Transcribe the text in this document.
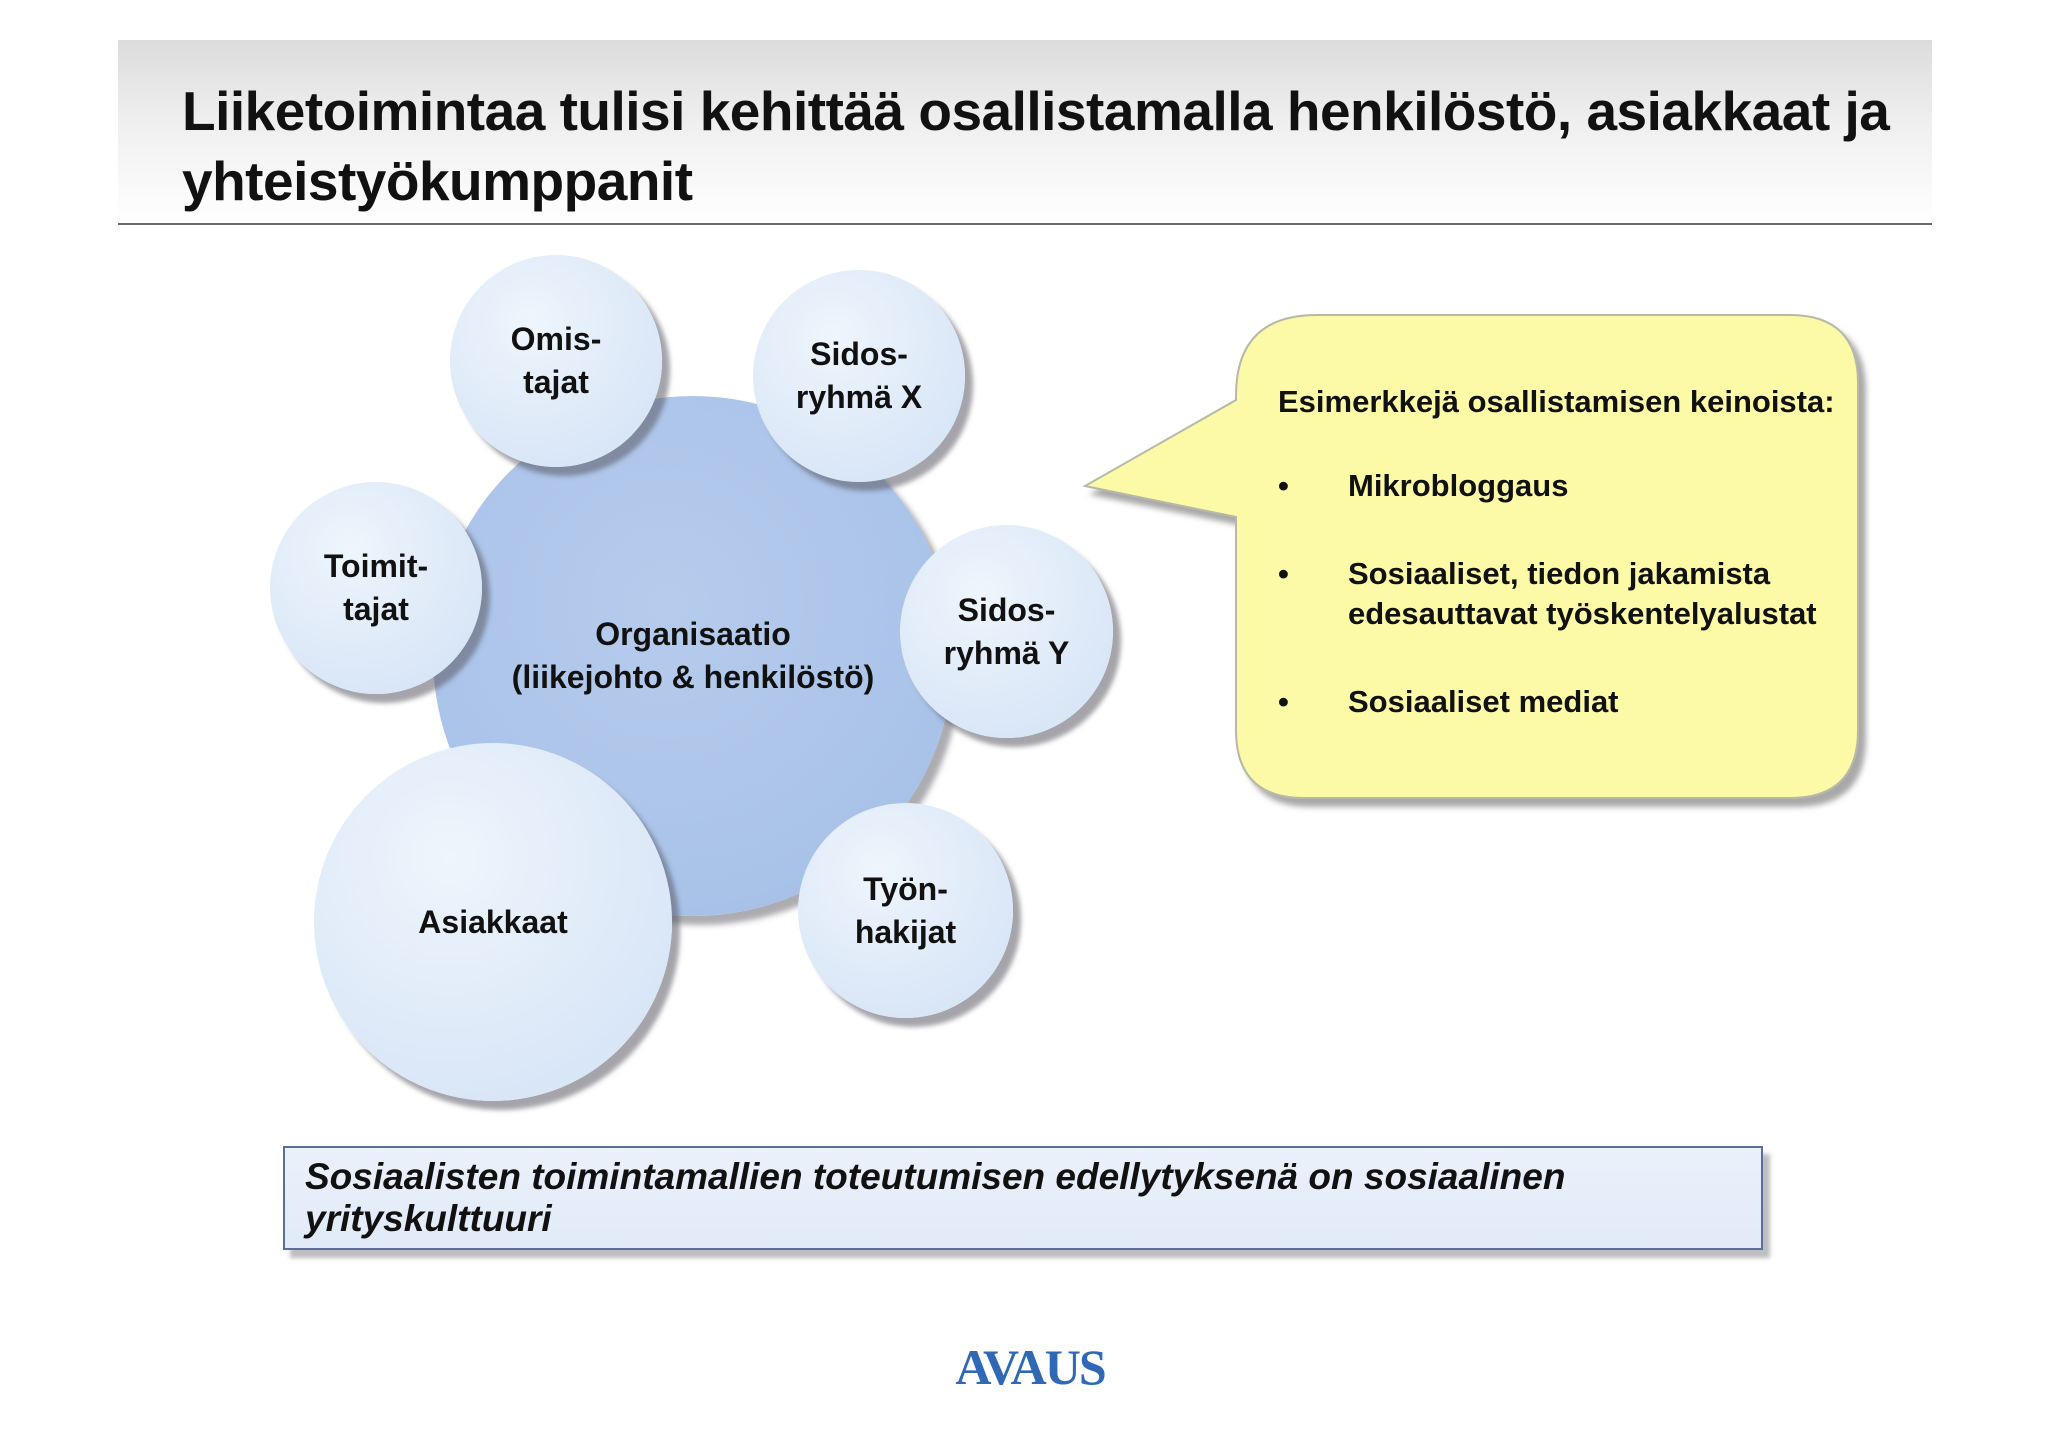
Liiketoimintaa tulisi kehittää osallistamalla henkilöstö, asiakkaat ja yhteistyökumppanit
Organisaatio
(liikejohto & henkilöstö)
Omis-
tajat
Sidos-
ryhmä X
Toimit-
tajat	Sidos-
ryhmä Y
Asiakkaat
Työn-
hakijat

Esimerkkejä osallistamisen keinoista:

• Mikrobloggaus
• Sosiaaliset, tiedon jakamista edesauttavat työskentelyalustat
• Sosiaaliset mediat
Sosiaalisten toimintamallien toteutumisen edellytyksenä on sosiaalinen yrityskulttuuri
AVAUS
